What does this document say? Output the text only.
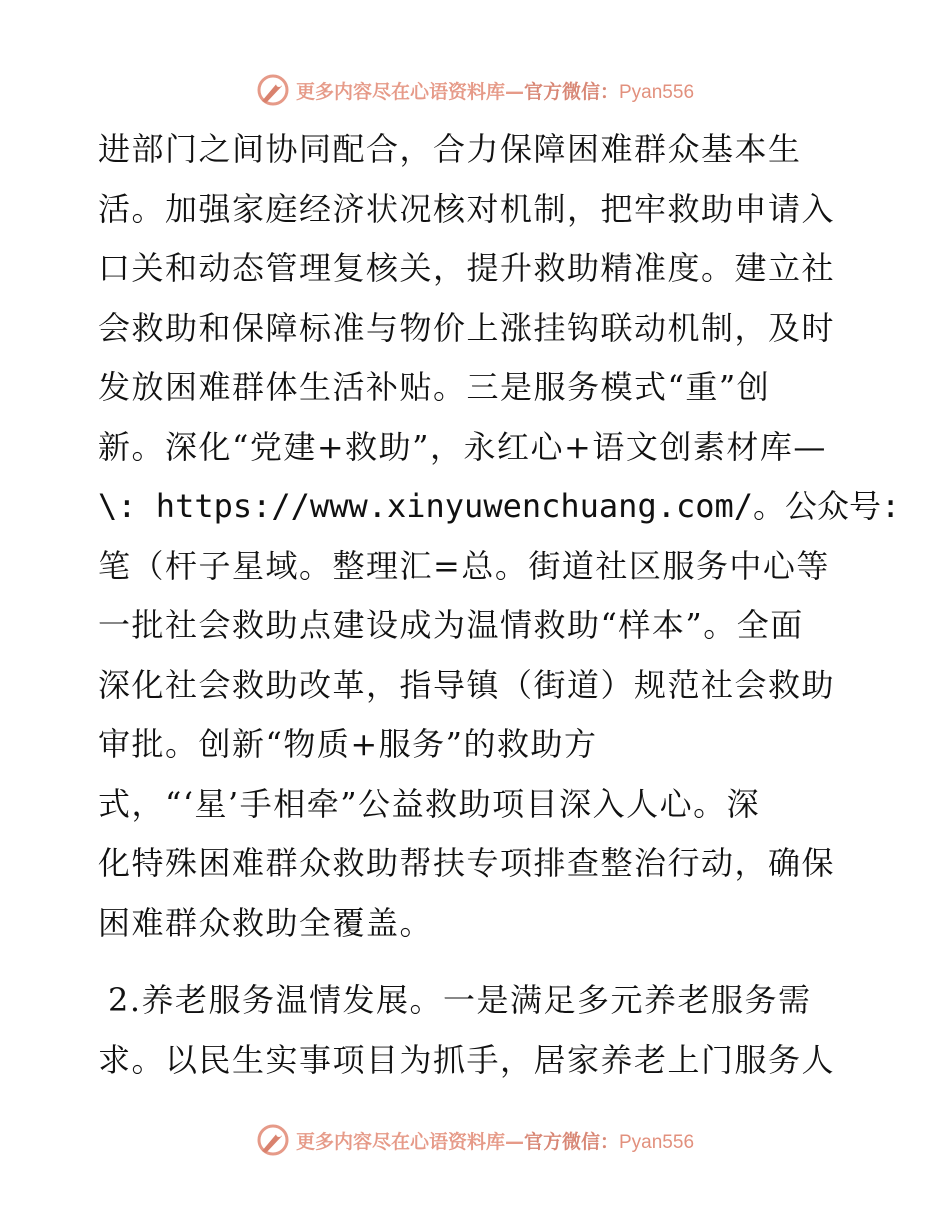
更多内容尽在心语资料库—官方微信：Pyan556
进部门之间协同配合，合力保障困难群众基本生
活。加强家庭经济状况核对机制，把牢救助申请入
口关和动态管理复核关，提升救助精准度。建立社
会救助和保障标准与物价上涨挂钩联动机制，及时
发放困难群体生活补贴。三是服务模式“重”创
新。深化“党建+救助”，永红心+语文创素材库—
\: https://www.xinyuwenchuang.com/。公众号:
笔（杆子星域。整理汇=总。街道社区服务中心等
一批社会救助点建设成为温情救助“样本”。全面
深化社会救助改革，指导镇（街道）规范社会救助
审批。创新“物质+服务”的救助方
式，“‘星’手相牵”公益救助项目深入人心。深
化特殊困难群众救助帮扶专项排查整治行动，确保
困难群众救助全覆盖。
2.养老服务温情发展。一是满足多元养老服务需
求。以民生实事项目为抓手，居家养老上门服务人
更多内容尽在心语资料库—官方微信：Pyan556
